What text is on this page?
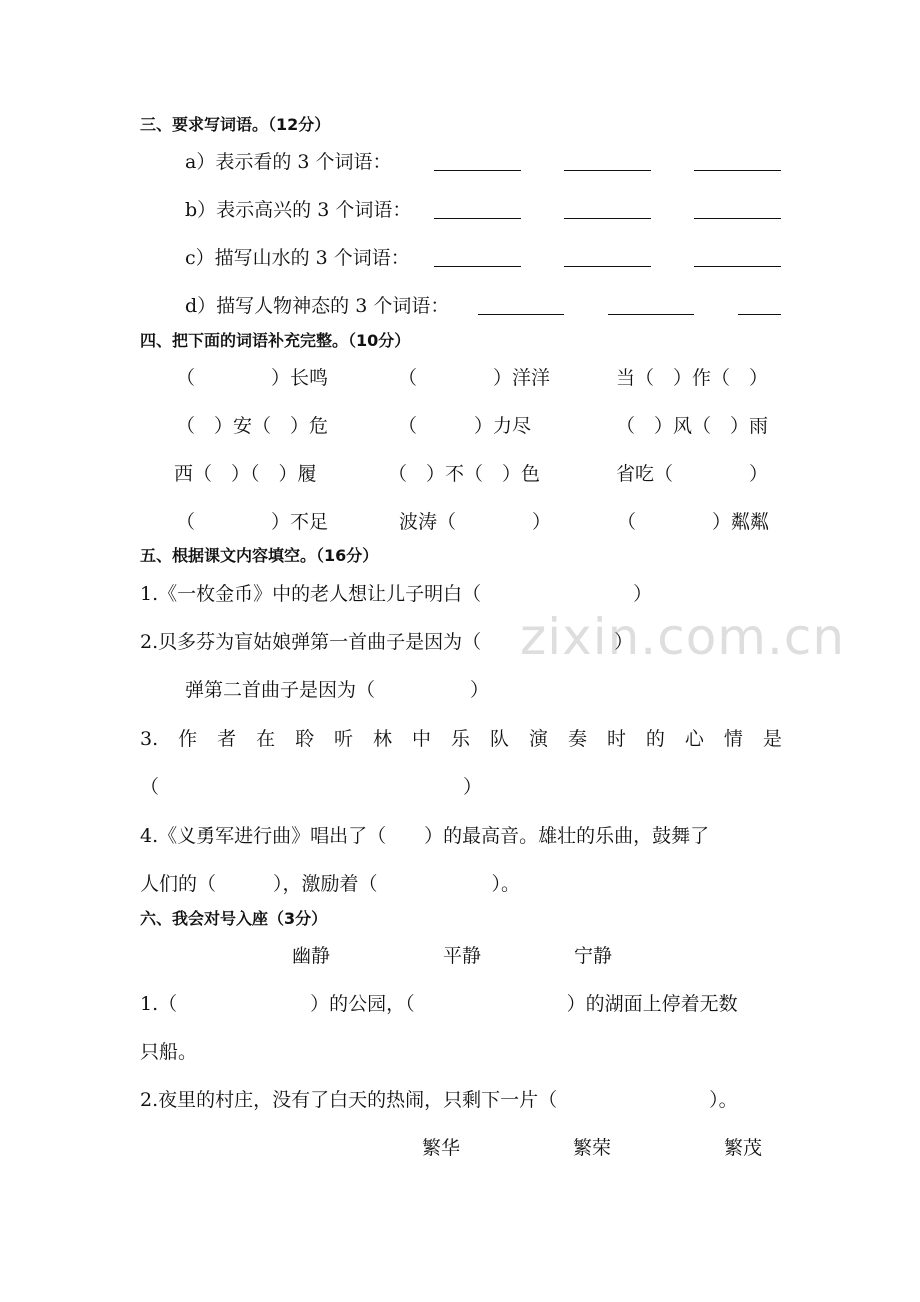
zixin.com.cn
三、要求写词语。（12分）
a）表示看的 3 个词语：
b）表示高兴的 3 个词语：
c）描写山水的 3 个词语：
d）描写人物神态的 3 个词语：
四、把下面的词语补充完整。（10分）
（　　　　）长鸣	（　　　　）洋洋	当（　）作（　）
（　）安（　）危	（　　　）力尽	（　）风（　）雨
西（　）（　）履	（　）不（　）色	省吃（　　　　）
（　　　　）不足	波涛（　　　　）	（　　　　）粼粼
五、根据课文内容填空。（16分）
1.《一枚金币》中的老人想让儿子明白（　　　　　　　　）
2.贝多芬为盲姑娘弹第一首曲子是因为（　　　　　　　）
弹第二首曲子是因为（　　　　　）
3. 作 者 在 聆 听 林 中 乐 队 演 奏 时 的 心 情 是
（　　　　　　　　　　　　　　　　）
4.《义勇军进行曲》唱出了（　　）的最高音。雄壮的乐曲，鼓舞了
人们的（　　　），激励着（　　　　　　）。
六、我会对号入座（3分）
幽静	平静	宁静
1.（　　　　　　　）的公园，（　　　　　　　　）的湖面上停着无数
只船。
2.夜里的村庄，没有了白天的热闹，只剩下一片（　　　　　　　　）。
繁华	繁荣	繁茂
